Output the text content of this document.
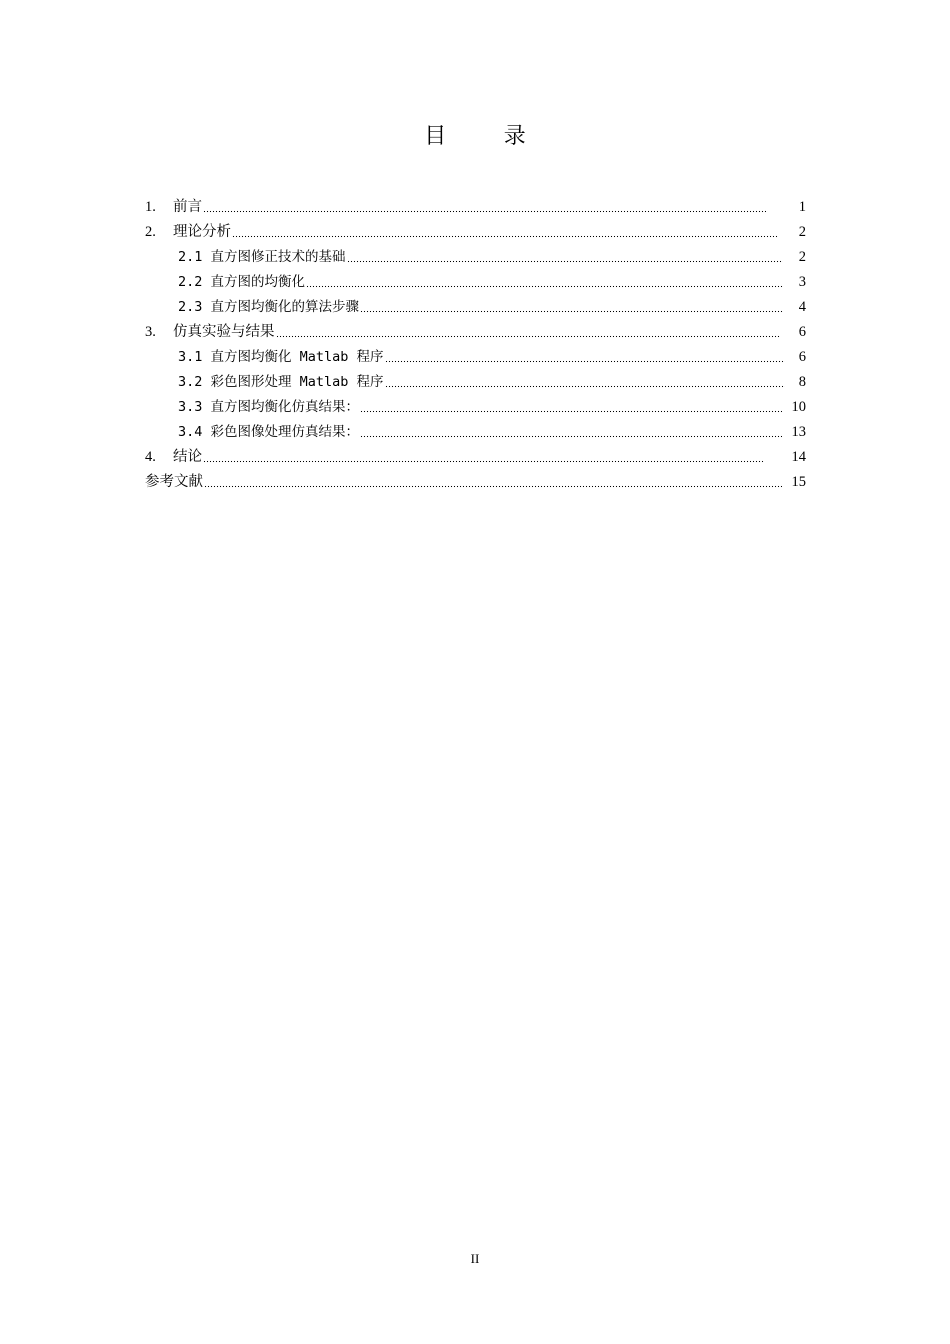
目 录
1.	前言	1
2.	理论分析	2
2.1 直方图修正技术的基础	2
2.2 直方图的均衡化	3
2.3 直方图均衡化的算法步骤	4
3.	仿真实验与结果	6
3.1 直方图均衡化 Matlab 程序	6
3.2 彩色图形处理 Matlab 程序	8
3.3 直方图均衡化仿真结果：	10
3.4 彩色图像处理仿真结果：	13
4.	结论	14
参考文献	15
II
